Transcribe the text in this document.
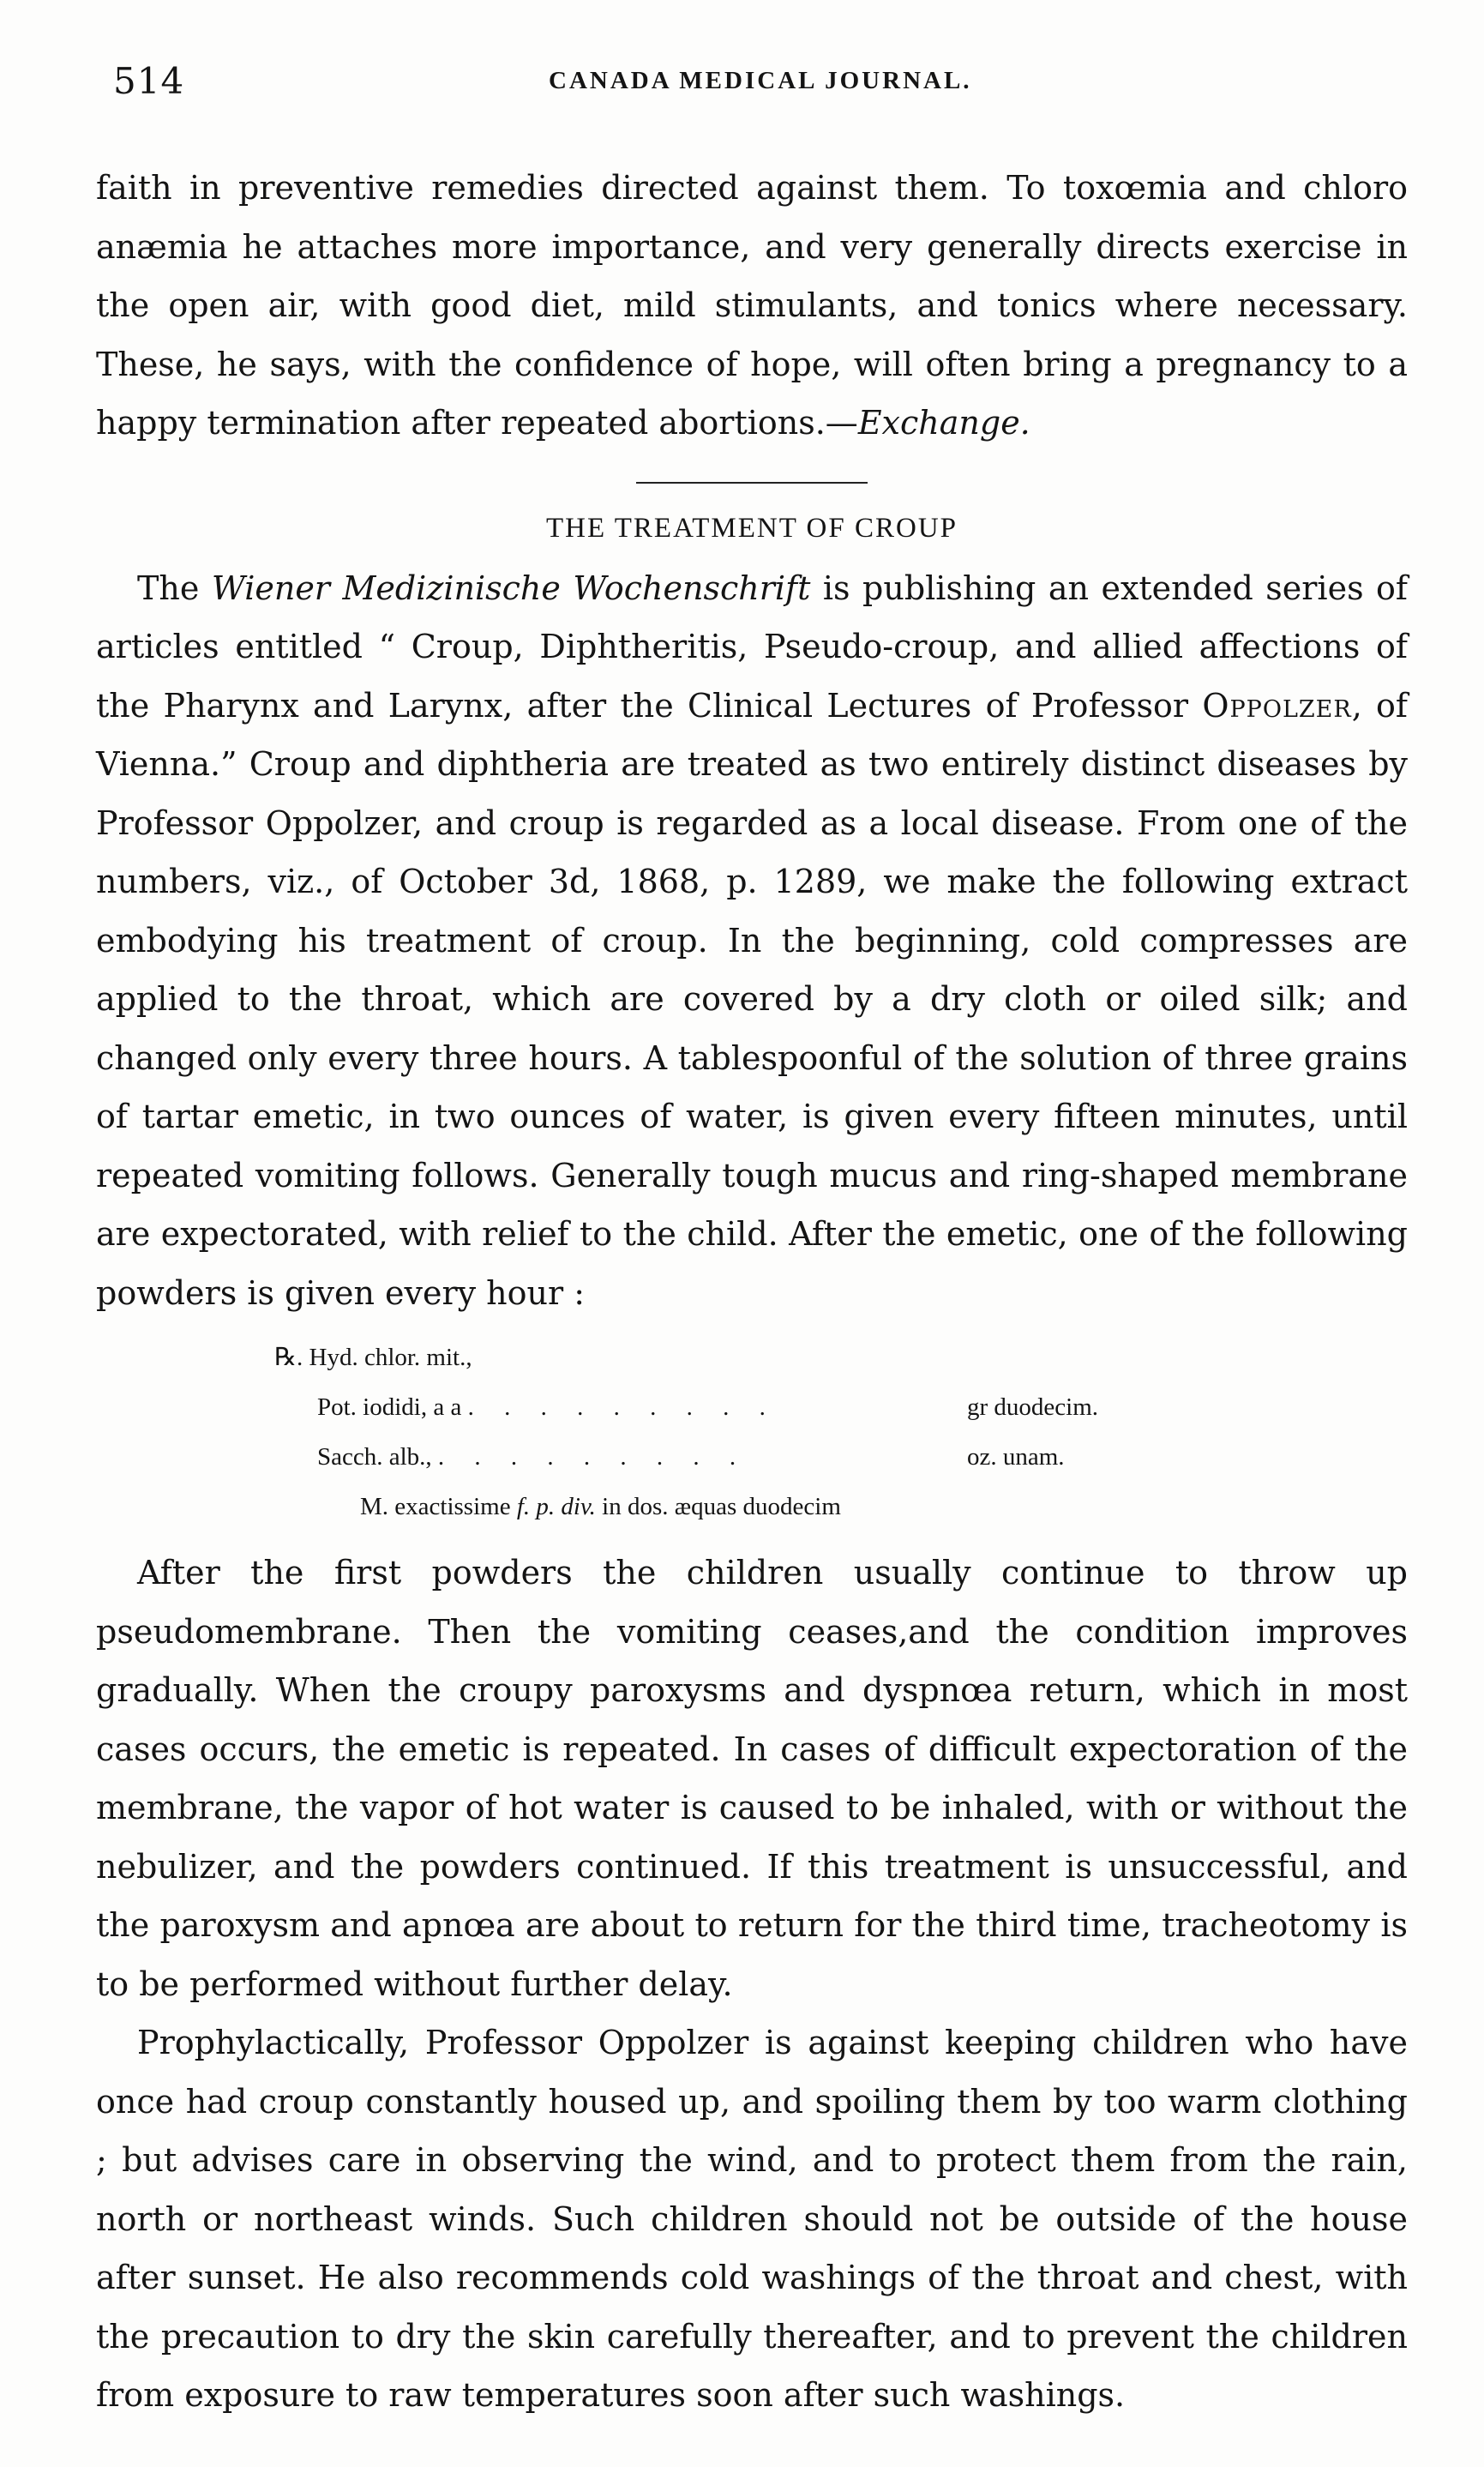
514	CANADA MEDICAL JOURNAL.

faith in preventive remedies directed against them. To toxœmia and chloro anæmia he attaches more importance, and very generally directs exercise in the open air, with good diet, mild stimulants, and tonics where necessary. These, he says, with the confidence of hope, will often bring a pregnancy to a happy termination after repeated abortions.—Exchange.

THE TREATMENT OF CROUP

The Wiener Medizinische Wochenschrift is publishing an extended series of articles entitled “ Croup, Diphtheritis, Pseudo-croup, and allied affections of the Pharynx and Larynx, after the Clinical Lectures of Professor Oppolzer, of Vienna.” Croup and diphtheria are treated as two entirely distinct diseases by Professor Oppolzer, and croup is regarded as a local disease. From one of the numbers, viz., of October 3d, 1868, p. 1289, we make the following extract embodying his treatment of croup. In the beginning, cold compresses are applied to the throat, which are covered by a dry cloth or oiled silk; and changed only every three hours. A tablespoonful of the solution of three grains of tartar emetic, in two ounces of water, is given every fifteen minutes, until repeated vomiting follows. Generally tough mucus and ring-shaped membrane are expectorated, with relief to the child. After the emetic, one of the following powders is given every hour :

℞. Hyd. chlor. mit.,
Pot. iodidi, a a . . . . . . . . .	gr duodecim.
Sacch. alb., . . . . . . . . .	oz. unam.
M. exactissime f. p. div. in dos. æquas duodecim

After the first powders the children usually continue to throw up pseudomembrane. Then the vomiting ceases,and the condition improves gradually. When the croupy paroxysms and dyspnœa return, which in most cases occurs, the emetic is repeated. In cases of difficult expectoration of the membrane, the vapor of hot water is caused to be inhaled, with or without the nebulizer, and the powders continued. If this treatment is unsuccessful, and the paroxysm and apnœa are about to return for the third time, tracheotomy is to be performed without further delay.

Prophylactically, Professor Oppolzer is against keeping children who have once had croup constantly housed up, and spoiling them by too warm clothing ; but advises care in observing the wind, and to protect them from the rain, north or northeast winds. Such children should not be outside of the house after sunset. He also recommends cold washings of the throat and chest, with the precaution to dry the skin carefully thereafter, and to prevent the children from exposure to raw temperatures soon after such washings.
